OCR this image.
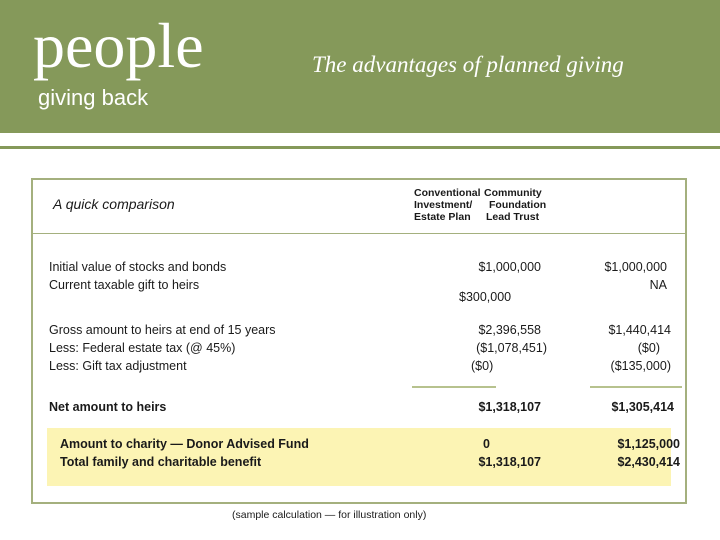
people
giving back
The advantages of planned giving
A quick comparison
Conventional
Investment/
Estate Plan
Community
Foundation
Lead Trust
Initial value of stocks and bonds
Current taxable gift to heirs
$1,000,000
$300,000
$1,000,000
NA
Gross amount to heirs at end of 15 years
Less: Federal estate tax (@ 45%)
Less: Gift tax adjustment
$2,396,558
($1,078,451)
($0)
$1,440,414
($0)
($135,000)
Net amount to heirs	$1,318,107	$1,305,414
Amount to charity — Donor Advised Fund
Total family and charitable benefit
0
$1,318,107
$1,125,000
$2,430,414
(sample calculation — for illustration only)
